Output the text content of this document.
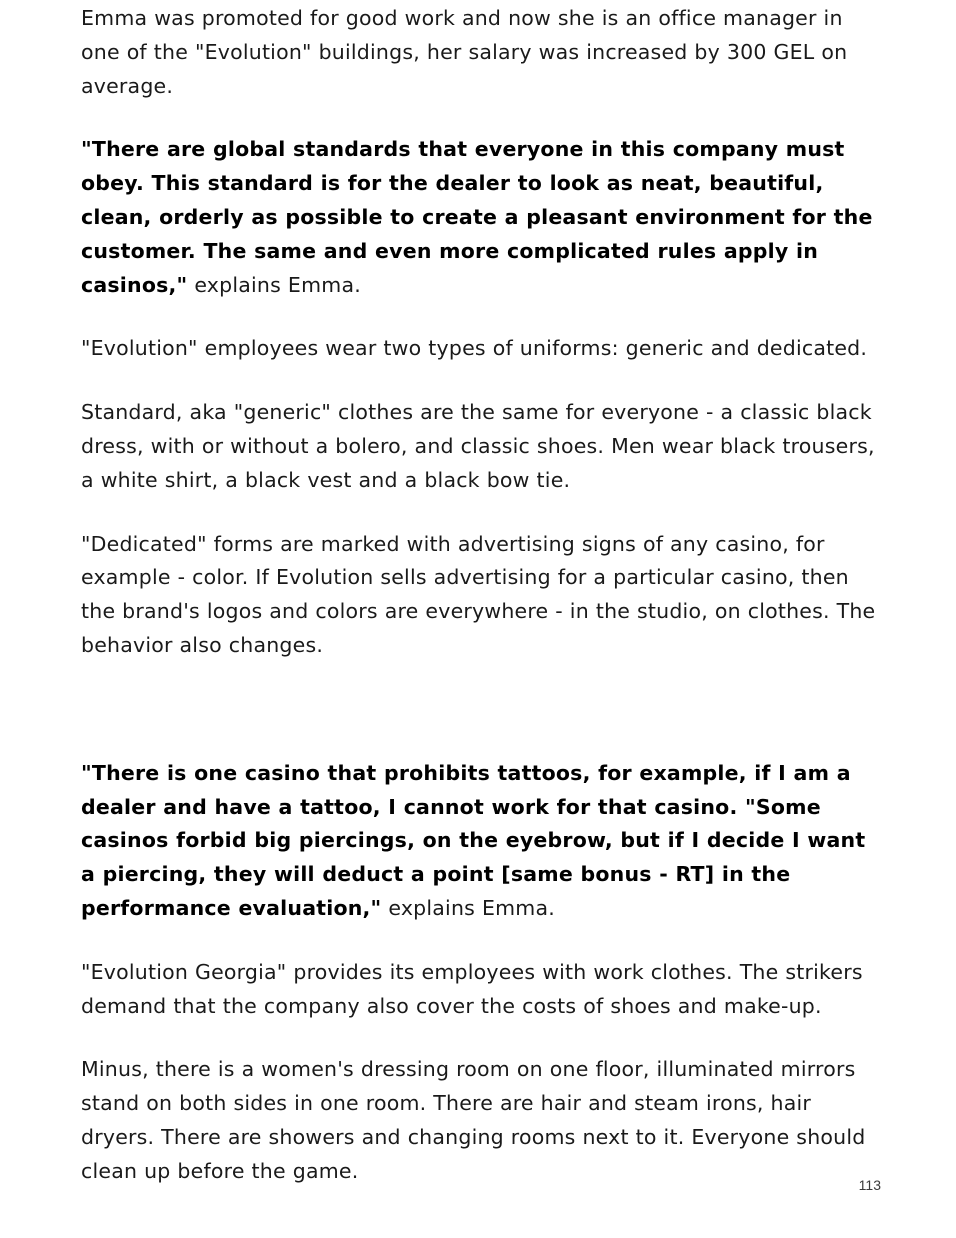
Emma was promoted for good work and now she is an office manager in one of the "Evolution" buildings, her salary was increased by 300 GEL on average.

"There are global standards that everyone in this company must obey. This standard is for the dealer to look as neat, beautiful, clean, orderly as possible to create a pleasant environment for the customer. The same and even more complicated rules apply in casinos," explains Emma.

"Evolution" employees wear two types of uniforms: generic and dedicated.

Standard, aka "generic" clothes are the same for everyone - a classic black dress, with or without a bolero, and classic shoes. Men wear black trousers, a white shirt, a black vest and a black bow tie.

"Dedicated" forms are marked with advertising signs of any casino, for example - color. If Evolution sells advertising for a particular casino, then the brand's logos and colors are everywhere - in the studio, on clothes. The behavior also changes.

"There is one casino that prohibits tattoos, for example, if I am a dealer and have a tattoo, I cannot work for that casino. "Some casinos forbid big piercings, on the eyebrow, but if I decide I want a piercing, they will deduct a point [same bonus - RT] in the performance evaluation," explains Emma.

"Evolution Georgia" provides its employees with work clothes. The strikers demand that the company also cover the costs of shoes and make-up.

Minus, there is a women's dressing room on one floor, illuminated mirrors stand on both sides in one room. There are hair and steam irons, hair dryers. There are showers and changing rooms next to it. Everyone should clean up before the game.

113
